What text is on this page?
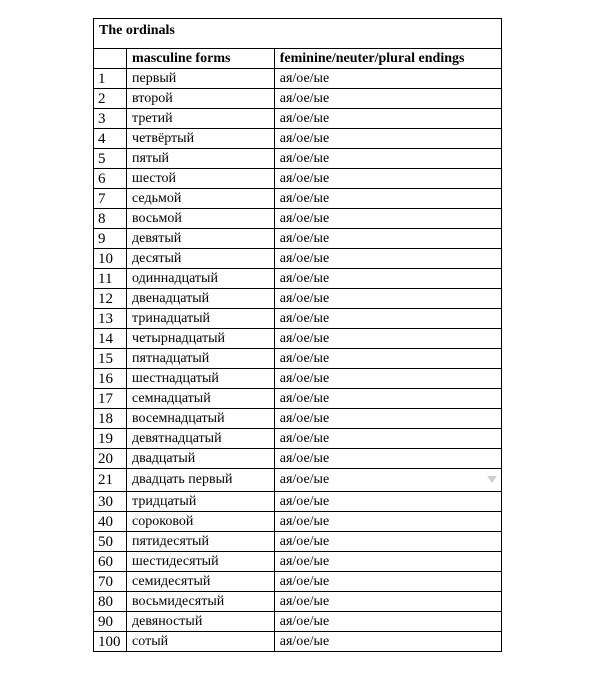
The ordinals		
	masculine forms	feminine/neuter/plural endings
1	первый	ая/ое/ые
2	второй	ая/ое/ые
3	третий	ая/ое/ые
4	четвёртый	ая/ое/ые
5	пятый	ая/ое/ые
6	шестой	ая/ое/ые
7	седьмой	ая/ое/ые
8	восьмой	ая/ое/ые
9	девятый	ая/ое/ые
10	десятый	ая/ое/ые
11	одиннадцатый	ая/ое/ые
12	двенадцатый	ая/ое/ые
13	тринадцатый	ая/ое/ые
14	четырнадцатый	ая/ое/ые
15	пятнадцатый	ая/ое/ые
16	шестнадцатый	ая/ое/ые
17	семнадцатый	ая/ое/ые
18	восемнадцатый	ая/ое/ые
19	девятнадцатый	ая/ое/ые
20	двадцатый	ая/ое/ые
21	двадцать первый	ая/ое/ые
30	тридцатый	ая/ое/ые
40	сороковой	ая/ое/ые
50	пятидесятый	ая/ое/ые
60	шестидесятый	ая/ое/ые
70	семидесятый	ая/ое/ые
80	восьмидесятый	ая/ое/ые
90	девяностый	ая/ое/ые
100	сотый	ая/ое/ые
